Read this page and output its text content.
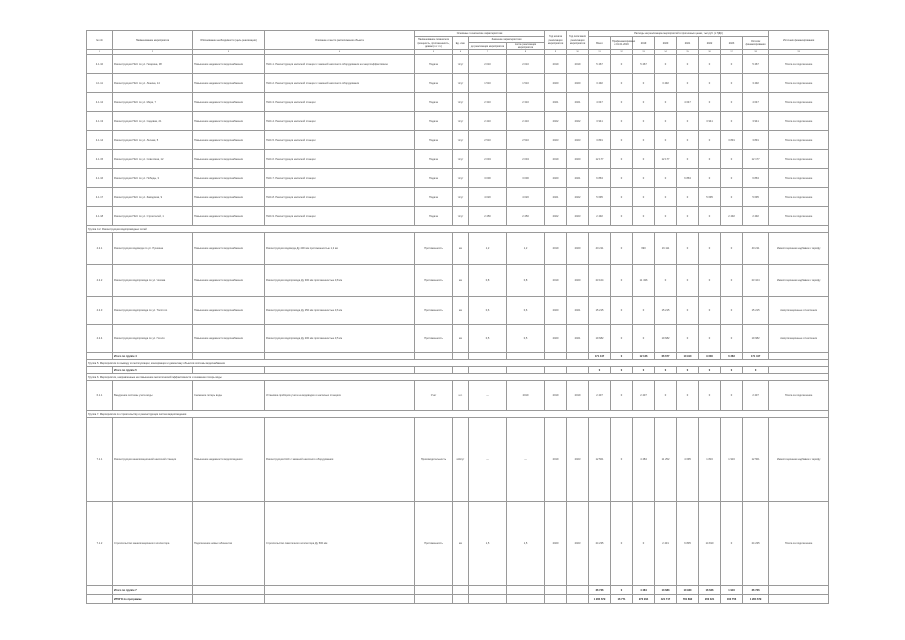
№ п/п	Наименование мероприятия	Обоснование необходимости (цель реализации)	Описание и место расположения объекта	Основные технические характеристики				Год начала реализации мероприятия	Год окончания реализации мероприятия	Расходы на реализацию мероприятий в прогнозных ценах, тыс.руб. (с НДС)								Источник финансирования
				Наименование показателя (мощность, протяженность, диаметр и т.п.)	Ед. изм.	Значение характеристики				Всего	Профинансировано к 01.01.2019	2019	2020	2021	2022	2023	Остаток финансирования	
						до реализации мероприятия	после реализации мероприятия											
1	2	3	4	5	6	7	8	9	10	11	12	13	14	15	16	17	18	19
4.1.10	Реконструкция ПНС по ул. Гагарина, 38	Повышение надежности водоснабжения	ПНС-1. Реконструкция насосной станции с заменой насосного оборудования на энергоэффективное	Подача	т/сут	2 010	2 010	2019	2019	5 467	0	5 467	0	0	0	0	5 467	Плата за подключение
4.1.11	Реконструкция ПНС по ул. Ленина, 14	Повышение надежности водоснабжения	ПНС-2. Реконструкция насосной станции с заменой насосного оборудования	Подача	т/сут	1 510	1 510	2020	2020	3 492	0	0	3 492	0	0	0	3 492	Плата за подключение
4.1.12	Реконструкция ПНС по ул. Мира, 7	Повышение надежности водоснабжения	ПНС-3. Реконструкция насосной станции	Подача	т/сут	2 310	2 310	2021	2021	4 047	0	0	0	4 047	0	0	4 047	Плата за подключение
4.1.13	Реконструкция ПНС по ул. Садовая, 21	Повышение надежности водоснабжения	ПНС-4. Реконструкция насосной станции	Подача	т/сут	2 410	2 410	2022	2022	3 941	0	0	0	0	3 941	0	3 941	Плата за подключение
4.1.14	Реконструкция ПНС по ул. Лесная, 5	Повышение надежности водоснабжения	ПНС-5. Реконструкция насосной станции	Подача	т/сут	2 510	2 510	2023	2023	3 891	0	0	0	0	0	3 891	3 891	Плата за подключение
4.1.15	Реконструкция ПНС по ул. Советская, 12	Повышение надежности водоснабжения	ПНС-6. Реконструкция насосной станции	Подача	т/сут	2 004	2 004	2019	2020	12 177	0	0	12 177	0	0	0	12 177	Плата за подключение
4.1.16	Реконструкция ПНС по ул. Победы, 3	Повышение надежности водоснабжения	ПНС-7. Реконструкция насосной станции	Подача	т/сут	3 000	3 000	2020	2021	6 863	0	0	0	6 863	0	0	6 863	Плата за подключение
4.1.17	Реконструкция ПНС по ул. Заводская, 9	Повышение надежности водоснабжения	ПНС-8. Реконструкция насосной станции	Подача	т/сут	4 020	4 020	2021	2022	5 695	0	0	0	0	5 695	0	5 695	Плата за подключение
4.1.18	Реконструкция ПНС по ул. Строителей, 1	Повышение надежности водоснабжения	ПНС-9. Реконструкция насосной станции	Подача	т/сут	2 450	2 450	2022	2023	2 492	0	0	0	0	0	2 492	2 492	Плата за подключение
Группа 4.2. Реконструкция водопроводных сетей																		
4.2.1	Реконструкция водовода по ул. Пушкина	Повышение надежности водоснабжения	Реконструкция водовода Ду 400 мм протяженностью 1,2 км	Протяженность	км	1,2	1,2	2019	2020	40 211	0	690	16 111	0	0	0	40 211	Инвестиционная надбавка к тарифу
4.2.2	Реконструкция водопровода по ул. Чехова	Повышение надежности водоснабжения	Реконструкция водопровода Ду 300 мм протяженностью 0,8 км	Протяженность	км	0,8	0,8	2019	2020	23 104	0	11 436	0	0	0	0	23 104	Инвестиционная надбавка к тарифу
4.2.3	Реконструкция водопровода по ул. Толстого	Повышение надежности водоснабжения	Реконструкция водопровода Ду 250 мм протяженностью 0,6 км	Протяженность	км	0,6	0,6	2020	2021	15 215	0	0	15 215	0	0	0	15 215	Амортизационные отчисления
4.2.4	Реконструкция водопровода по ул. Гоголя	Повышение надежности водоснабжения	Реконструкция водопровода Ду 200 мм протяженностью 0,5 км	Протяженность	км	0,5	0,5	2020	2021	19 682	0	0	19 682	0	0	0	19 682	Амортизационные отчисления
	Итого по группе 4									171 447	0	12 126	66 677	10 910	9 636	6 383	171 447	
Группа 5. Мероприятия по выводу из эксплуатации, консервации и демонтажу объектов системы водоснабжения																		
	Итого по группе 5									0	0	0	0	0	0	0	0	
Группа 6. Мероприятия, направленные на повышение экологической эффективности и снижение потерь воды																		
6.1.1	Внедрение системы учета воды	Снижение потерь воды	Установка приборов учета на водоводах и насосных станциях	Учет	шт.	—	2019	2019	2019	2 437	0	2 437	0	0	0	0	2 437	Плата за подключение
Группа 7. Мероприятия по строительству и реконструкции систем водоотведения																		
7.1.1	Реконструкция канализационной насосной станции	Повышение надежности водоотведения	Реконструкция КНС с заменой насосного оборудования	Производительность	м3/сут	—	—	2019	2023	12 501	0	4 484	11 252	4 095	1 816	1 916	12 501	Инвестиционная надбавка к тарифу
7.1.2	Строительство канализационного коллектора	Подключение новых абонентов	Строительство самотечного коллектора Ду 500 мм	Протяженность	км	1,5	1,5	2020	2023	24 235	0	0	2 431	6 835	14 810	0	24 235	Плата за подключение
	Итого по группе 7									36 736	0	4 484	13 683	10 930	16 626	1 916	36 736	
	ИТОГО по программе									1 284 679	16 771	272 294	421 717	781 892	200 321	160 756	1 284 679	
